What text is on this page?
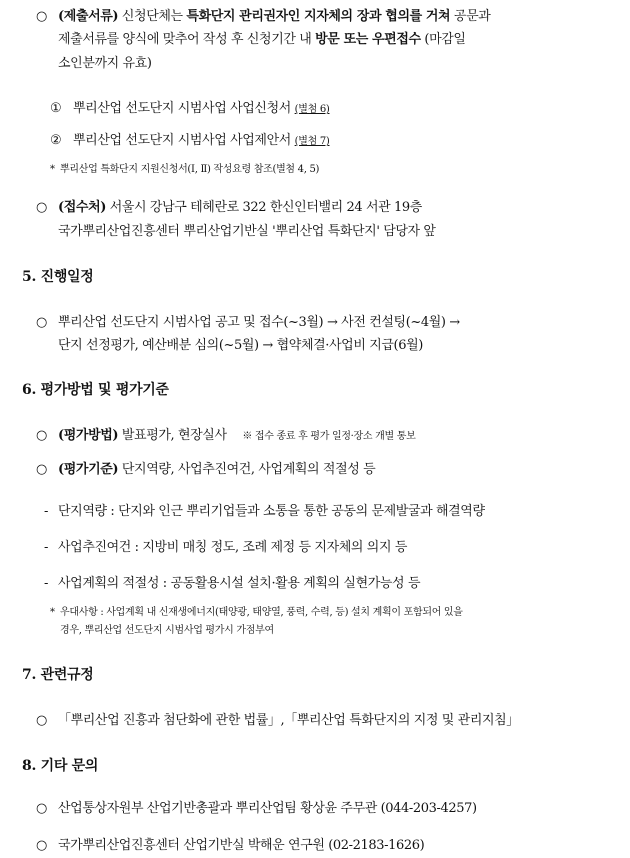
○ (제출서류) 신청단체는 특화단지 관리권자인 지자체의 장과 협의를 거쳐 공문과
제출서류를 양식에 맞추어 작성 후 신청기간 내 방문 또는 우편접수 (마감일
소인분까지 유효)
① 뿌리산업 선도단지 시범사업 사업신청서 (별첨 6)
② 뿌리산업 선도단지 시범사업 사업제안서 (별첨 7)
* 뿌리산업 특화단지 지원신청서(Ⅰ, Ⅱ) 작성요령 참조(별첨 4, 5)
○ (접수처) 서울시 강남구 테헤란로 322 한신인터밸리 24 서관 19층
국가뿌리산업진흥센터 뿌리산업기반실 '뿌리산업 특화단지' 담당자 앞
5. 진행일정
○ 뿌리산업 선도단지 시범사업 공고 및 접수(~3월) → 사전 컨설팅(~4월) →
단지 선정평가, 예산배분 심의(~5월) → 협약체결·사업비 지급(6월)
6. 평가방법 및 평가기준
○ (평가방법) 발표평가, 현장실사 ※ 접수 종료 후 평가 일정·장소 개별 통보
○ (평가기준) 단지역량, 사업추진여건, 사업계획의 적절성 등
- 단지역량 : 단지와 인근 뿌리기업들과 소통을 통한 공동의 문제발굴과 해결역량
- 사업추진여건 : 지방비 매칭 정도, 조례 제정 등 지자체의 의지 등
- 사업계획의 적절성 : 공동활용시설 설치·활용 계획의 실현가능성 등
* 우대사항 : 사업계획 내 신재생에너지(태양광, 태양열, 풍력, 수력, 등) 설치 계획이 포함되어 있을
경우, 뿌리산업 선도단지 시범사업 평가시 가점부여
7. 관련규정
○ 「뿌리산업 진흥과 첨단화에 관한 법률」,「뿌리산업 특화단지의 지정 및 관리지침」
8. 기타 문의
○ 산업통상자원부 산업기반총괄과 뿌리산업팀 황상윤 주무관 (044-203-4257)
○ 국가뿌리산업진흥센터 산업기반실 박해운 연구원 (02-2183-1626)
